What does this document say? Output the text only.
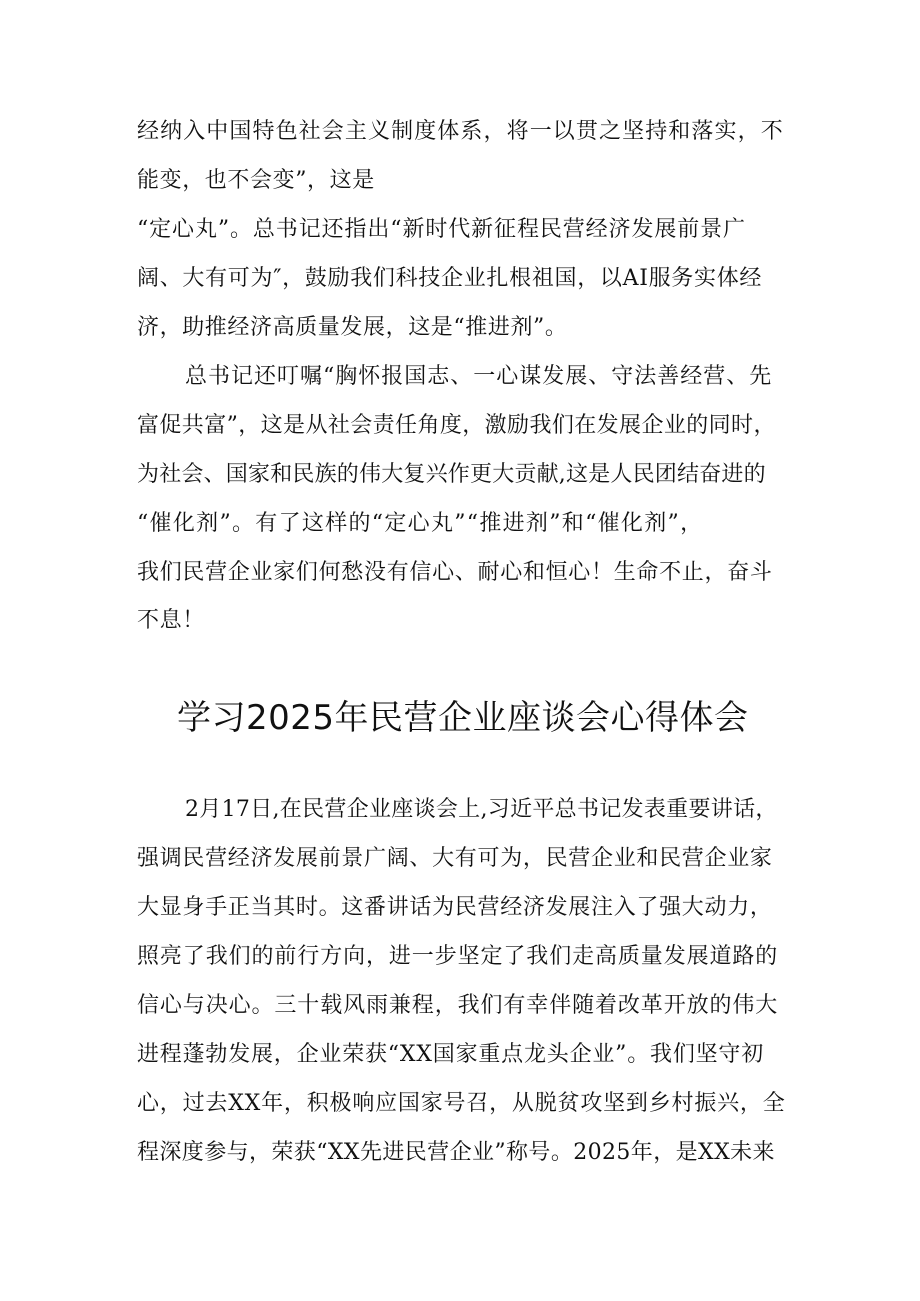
经纳入中国特色社会主义制度体系，将一以贯之坚持和落实，不
能变，也不会变”，这是
“定心丸”。总书记还指出“新时代新征程民营经济发展前景广
阔、大有可为″，鼓励我们科技企业扎根祖国，以AI服务实体经
济，助推经济高质量发展，这是“推进剂”。
总书记还叮嘱“胸怀报国志、一心谋发展、守法善经营、先
富促共富”，这是从社会责任角度，激励我们在发展企业的同时，
为社会、国家和民族的伟大复兴作更大贡献,这是人民团结奋进的
“催化剂”。有了这样的“定心丸”“推进剂”和“催化剂”，
我们民营企业家们何愁没有信心、耐心和恒心！生命不止，奋斗
不息！
学习2025年民营企业座谈会心得体会
2月17日,在民营企业座谈会上,习近平总书记发表重要讲话，
强调民营经济发展前景广阔、大有可为，民营企业和民营企业家
大显身手正当其时。这番讲话为民营经济发展注入了强大动力，
照亮了我们的前行方向，进一步坚定了我们走高质量发展道路的
信心与决心。三十载风雨兼程，我们有幸伴随着改革开放的伟大
进程蓬勃发展，企业荣获“XX国家重点龙头企业”。我们坚守初
心，过去XX年，积极响应国家号召，从脱贫攻坚到乡村振兴，全
程深度参与，荣获“XX先进民营企业”称号。2025年，是XX未来
